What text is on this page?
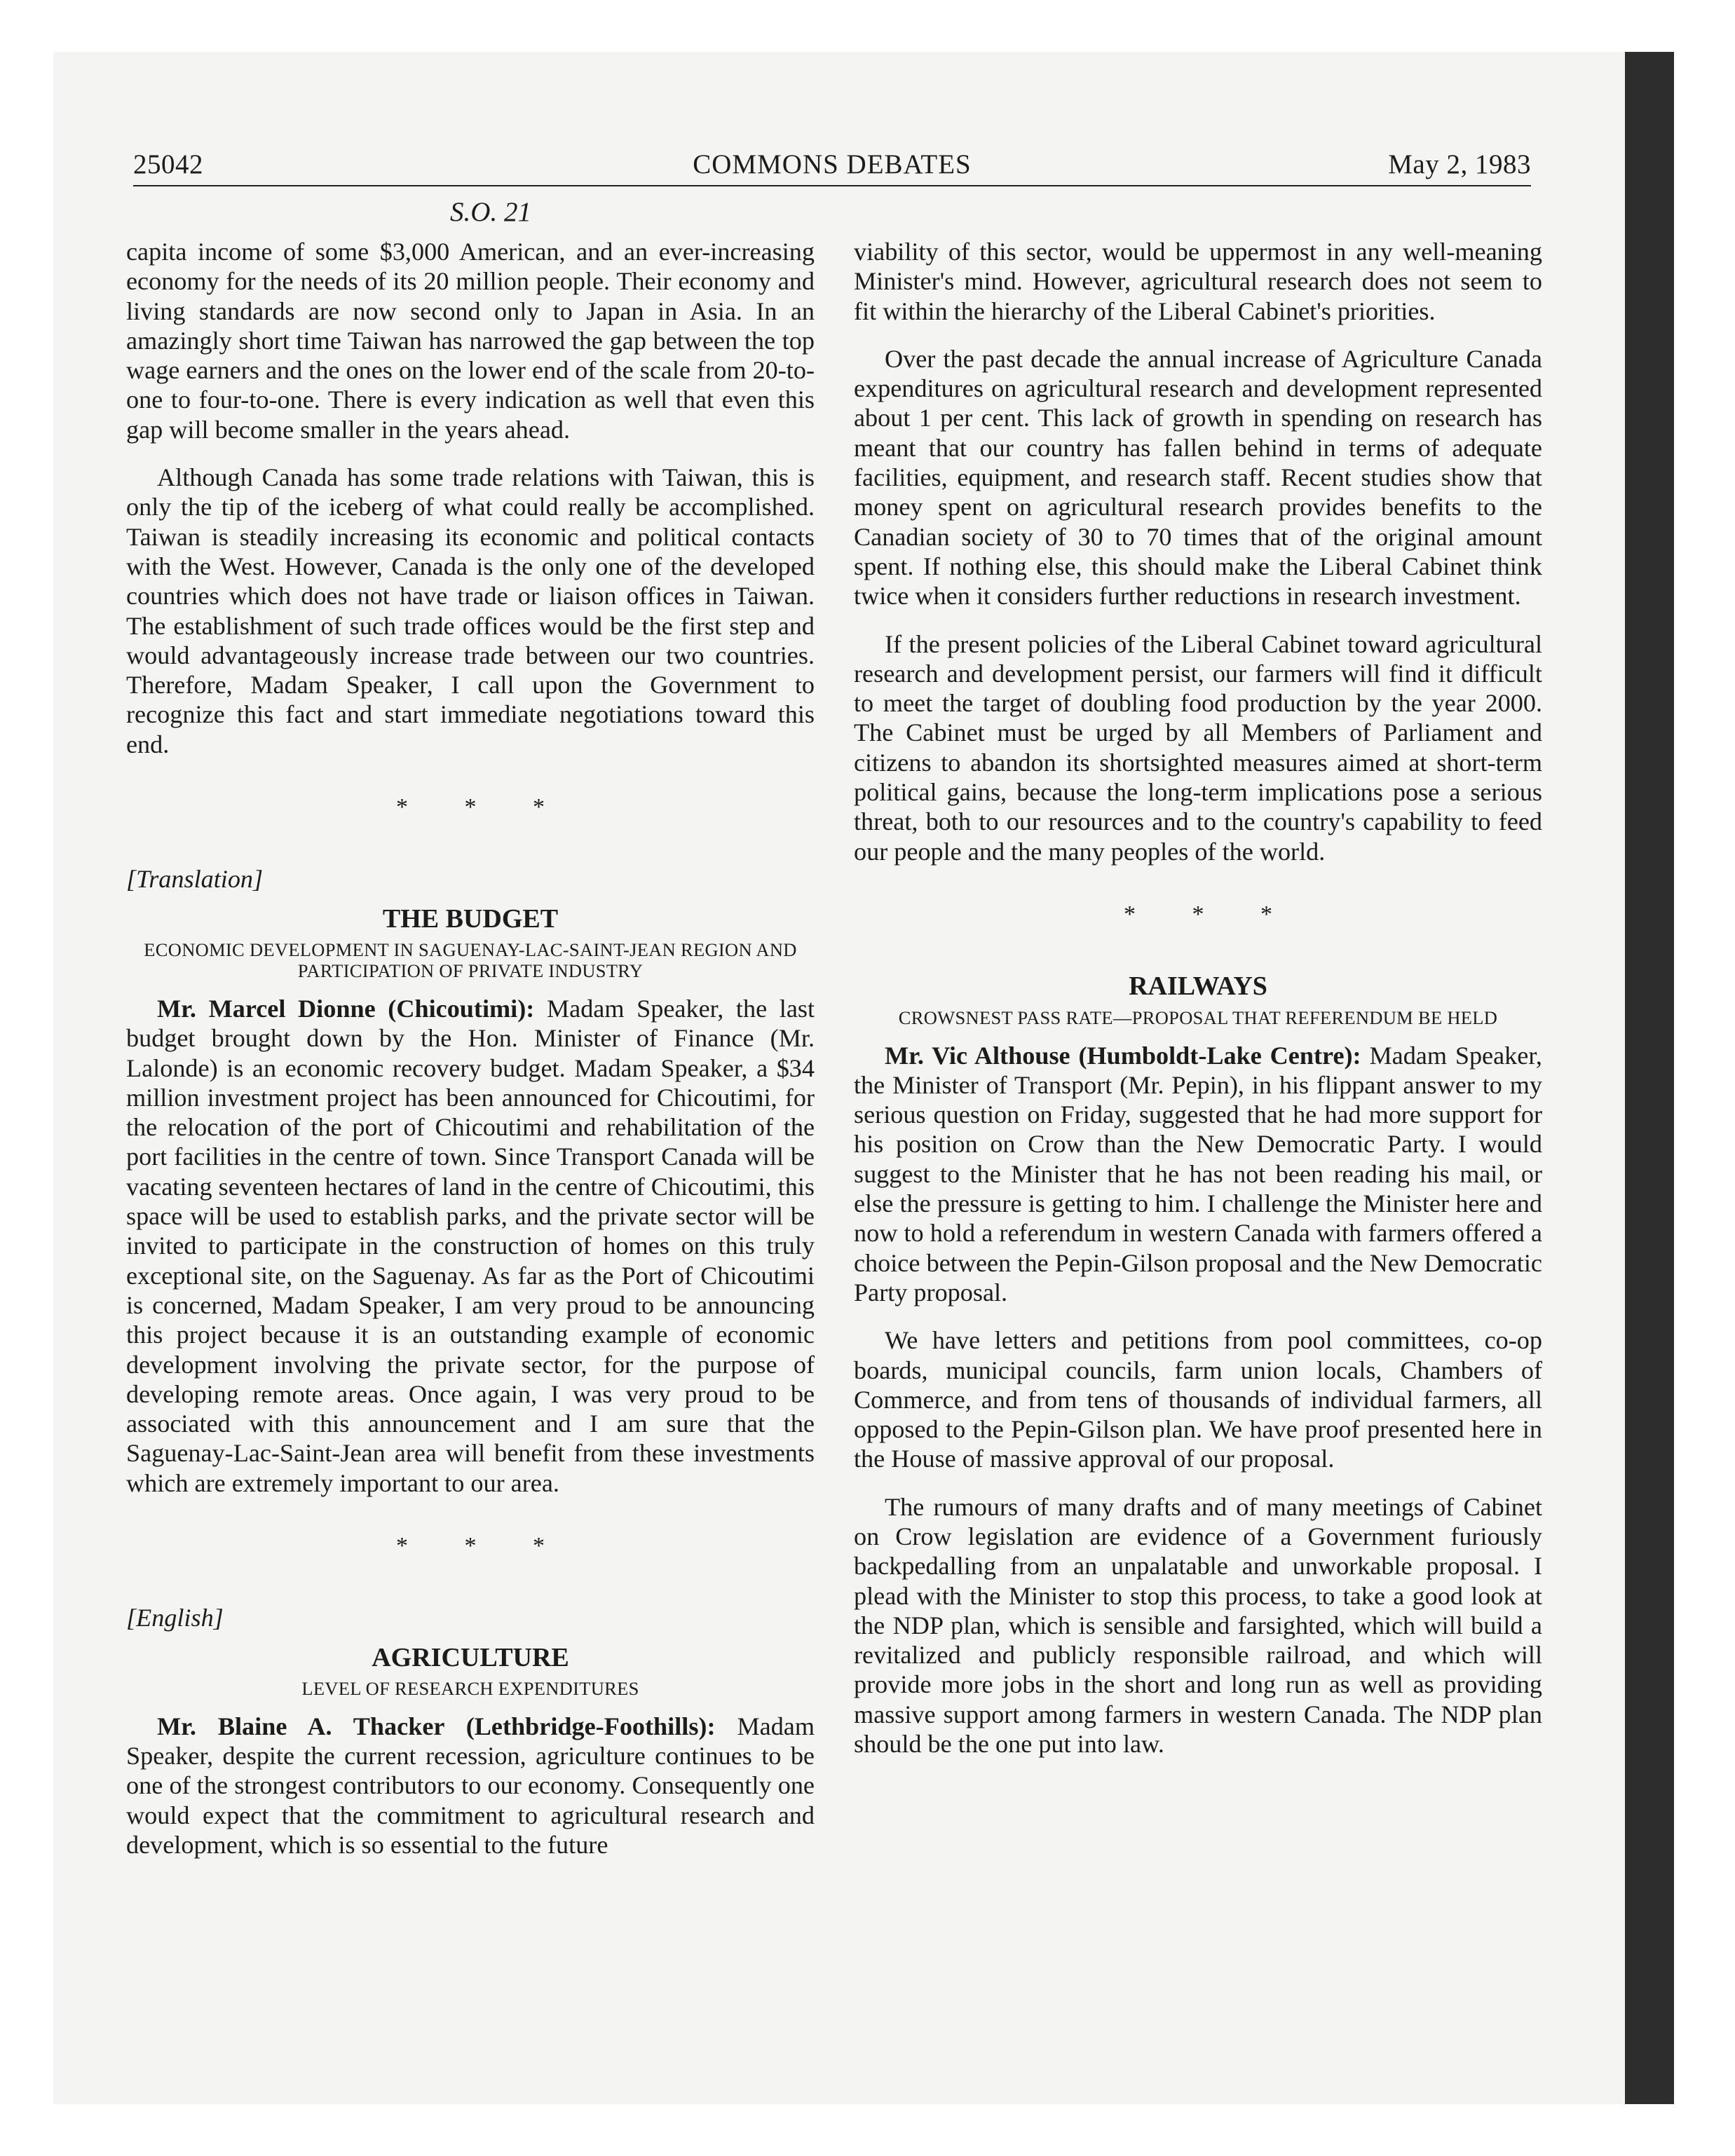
25042	COMMONS DEBATES	May 2, 1983
S.O. 21

capita income of some $3,000 American, and an ever-increasing economy for the needs of its 20 million people. Their economy and living standards are now second only to Japan in Asia. In an amazingly short time Taiwan has narrowed the gap between the top wage earners and the ones on the lower end of the scale from 20-to-one to four-to-one. There is every indication as well that even this gap will become smaller in the years ahead.

Although Canada has some trade relations with Taiwan, this is only the tip of the iceberg of what could really be accomplished. Taiwan is steadily increasing its economic and political contacts with the West. However, Canada is the only one of the developed countries which does not have trade or liaison offices in Taiwan. The establishment of such trade offices would be the first step and would advantageously increase trade between our two countries. Therefore, Madam Speaker, I call upon the Government to recognize this fact and start immediate negotiations toward this end.

* * *
[Translation]
THE BUDGET
ECONOMIC DEVELOPMENT IN SAGUENAY-LAC-SAINT-JEAN REGION AND PARTICIPATION OF PRIVATE INDUSTRY

Mr. Marcel Dionne (Chicoutimi): Madam Speaker, the last budget brought down by the Hon. Minister of Finance (Mr. Lalonde) is an economic recovery budget. Madam Speaker, a $34 million investment project has been announced for Chicoutimi, for the relocation of the port of Chicoutimi and rehabilitation of the port facilities in the centre of town. Since Transport Canada will be vacating seventeen hectares of land in the centre of Chicoutimi, this space will be used to establish parks, and the private sector will be invited to participate in the construction of homes on this truly exceptional site, on the Saguenay. As far as the Port of Chicoutimi is concerned, Madam Speaker, I am very proud to be announcing this project because it is an outstanding example of economic development involving the private sector, for the purpose of developing remote areas. Once again, I was very proud to be associated with this announcement and I am sure that the Saguenay-Lac-Saint-Jean area will benefit from these investments which are extremely important to our area.

* * *
[English]
AGRICULTURE
LEVEL OF RESEARCH EXPENDITURES

Mr. Blaine A. Thacker (Lethbridge-Foothills): Madam Speaker, despite the current recession, agriculture continues to be one of the strongest contributors to our economy. Consequently one would expect that the commitment to agricultural research and development, which is so essential to the future

viability of this sector, would be uppermost in any well-meaning Minister's mind. However, agricultural research does not seem to fit within the hierarchy of the Liberal Cabinet's priorities.

Over the past decade the annual increase of Agriculture Canada expenditures on agricultural research and development represented about 1 per cent. This lack of growth in spending on research has meant that our country has fallen behind in terms of adequate facilities, equipment, and research staff. Recent studies show that money spent on agricultural research provides benefits to the Canadian society of 30 to 70 times that of the original amount spent. If nothing else, this should make the Liberal Cabinet think twice when it considers further reductions in research investment.

If the present policies of the Liberal Cabinet toward agricultural research and development persist, our farmers will find it difficult to meet the target of doubling food production by the year 2000. The Cabinet must be urged by all Members of Parliament and citizens to abandon its shortsighted measures aimed at short-term political gains, because the long-term implications pose a serious threat, both to our resources and to the country's capability to feed our people and the many peoples of the world.

* * *
RAILWAYS
CROWSNEST PASS RATE—PROPOSAL THAT REFERENDUM BE HELD

Mr. Vic Althouse (Humboldt-Lake Centre): Madam Speaker, the Minister of Transport (Mr. Pepin), in his flippant answer to my serious question on Friday, suggested that he had more support for his position on Crow than the New Democratic Party. I would suggest to the Minister that he has not been reading his mail, or else the pressure is getting to him. I challenge the Minister here and now to hold a referendum in western Canada with farmers offered a choice between the Pepin-Gilson proposal and the New Democratic Party proposal.

We have letters and petitions from pool committees, co-op boards, municipal councils, farm union locals, Chambers of Commerce, and from tens of thousands of individual farmers, all opposed to the Pepin-Gilson plan. We have proof presented here in the House of massive approval of our proposal.

The rumours of many drafts and of many meetings of Cabinet on Crow legislation are evidence of a Government furiously backpedalling from an unpalatable and unworkable proposal. I plead with the Minister to stop this process, to take a good look at the NDP plan, which is sensible and farsighted, which will build a revitalized and publicly responsible railroad, and which will provide more jobs in the short and long run as well as providing massive support among farmers in western Canada. The NDP plan should be the one put into law.
